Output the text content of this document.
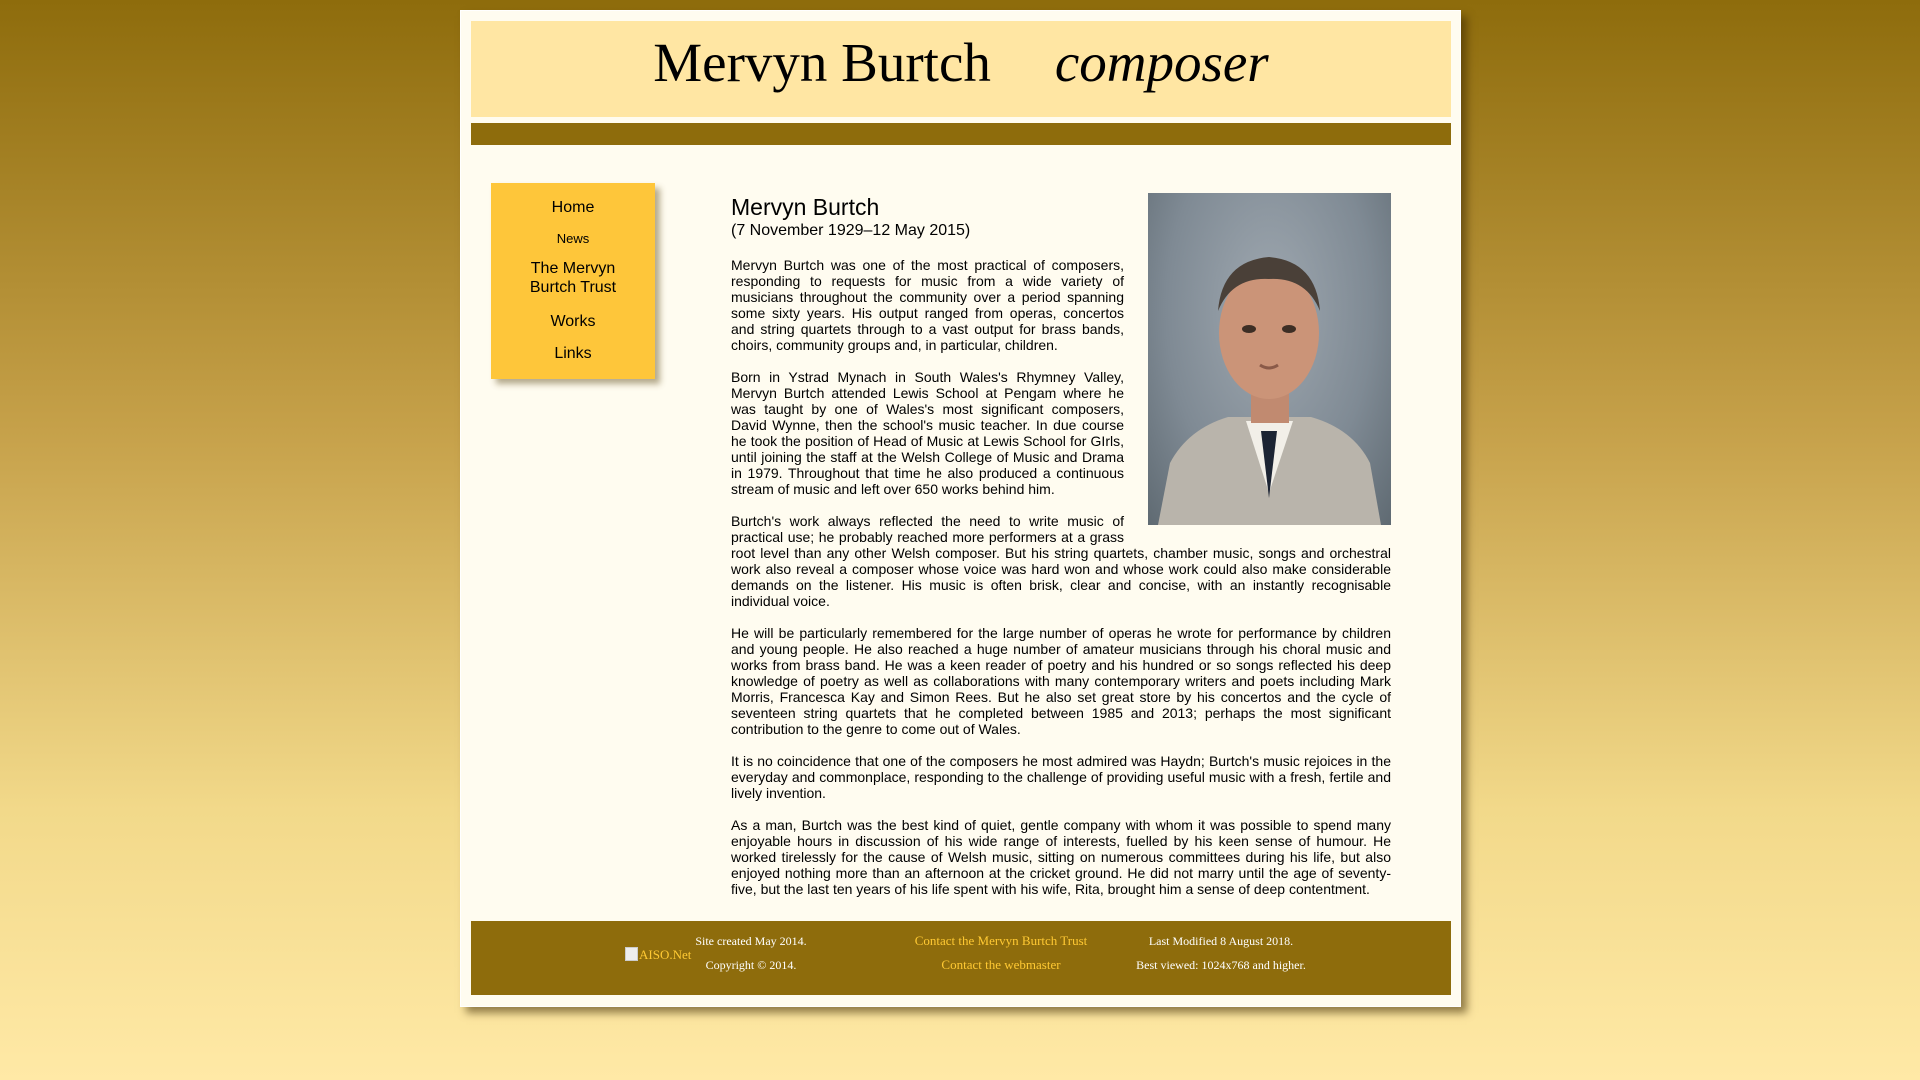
Mervyn Burtch composer
Home
News
The Mervyn
Burtch Trust
Works
Links
Mervyn Burtch
(7 November 1929–12 May 2015)

Mervyn Burtch was one of the most practical of composers, responding to requests for music from a wide variety of musicians throughout the community over a period spanning some sixty years. His output ranged from operas, concertos and string quartets through to a vast output for brass bands, choirs, community groups and, in particular, children.

Born in Ystrad Mynach in South Wales's Rhymney Valley, Mervyn Burtch attended Lewis School at Pengam where he was taught by one of Wales's most significant composers, David Wynne, then the school's music teacher. In due course he took the position of Head of Music at Lewis School for GIrls, until joining the staff at the Welsh College of Music and Drama in 1979. Throughout that time he also produced a continuous stream of music and left over 650 works behind him.

Burtch's work always reflected the need to write music of practical use; he probably reached more performers at a grass root level than any other Welsh composer. But his string quartets, chamber music, songs and orchestral work also reveal a composer whose voice was hard won and whose work could also make considerable demands on the listener. His music is often brisk, clear and concise, with an instantly recognisable individual voice.

He will be particularly remembered for the large number of operas he wrote for performance by children and young people. He also reached a huge number of amateur musicians through his choral music and works from brass band. He was a keen reader of poetry and his hundred or so songs reflected his deep knowledge of poetry as well as collaborations with many contemporary writers and poets including Mark Morris, Francesca Kay and Simon Rees. But he also set great store by his concertos and the cycle of seventeen string quartets that he completed between 1985 and 2013; perhaps the most significant contribution to the genre to come out of Wales.

It is no coincidence that one of the composers he most admired was Haydn; Burtch's music rejoices in the everyday and commonplace, responding to the challenge of providing useful music with a fresh, fertile and lively invention.

As a man, Burtch was the best kind of quiet, gentle company with whom it was possible to spend many enjoyable hours in discussion of his wide range of interests, fuelled by his keen sense of humour. He worked tirelessly for the cause of Welsh music, sitting on numerous committees during his life, but also enjoyed nothing more than an afternoon at the cricket ground. He did not marry until the age of seventy-five, but the last ten years of his life spent with his wife, Rita, brought him a sense of deep contentment.

AISO.Net
Site created May 2014.
Copyright © 2014.
Contact the Mervyn Burtch Trust
Contact the webmaster
Last Modified 8 August 2018.
Best viewed: 1024x768 and higher.
